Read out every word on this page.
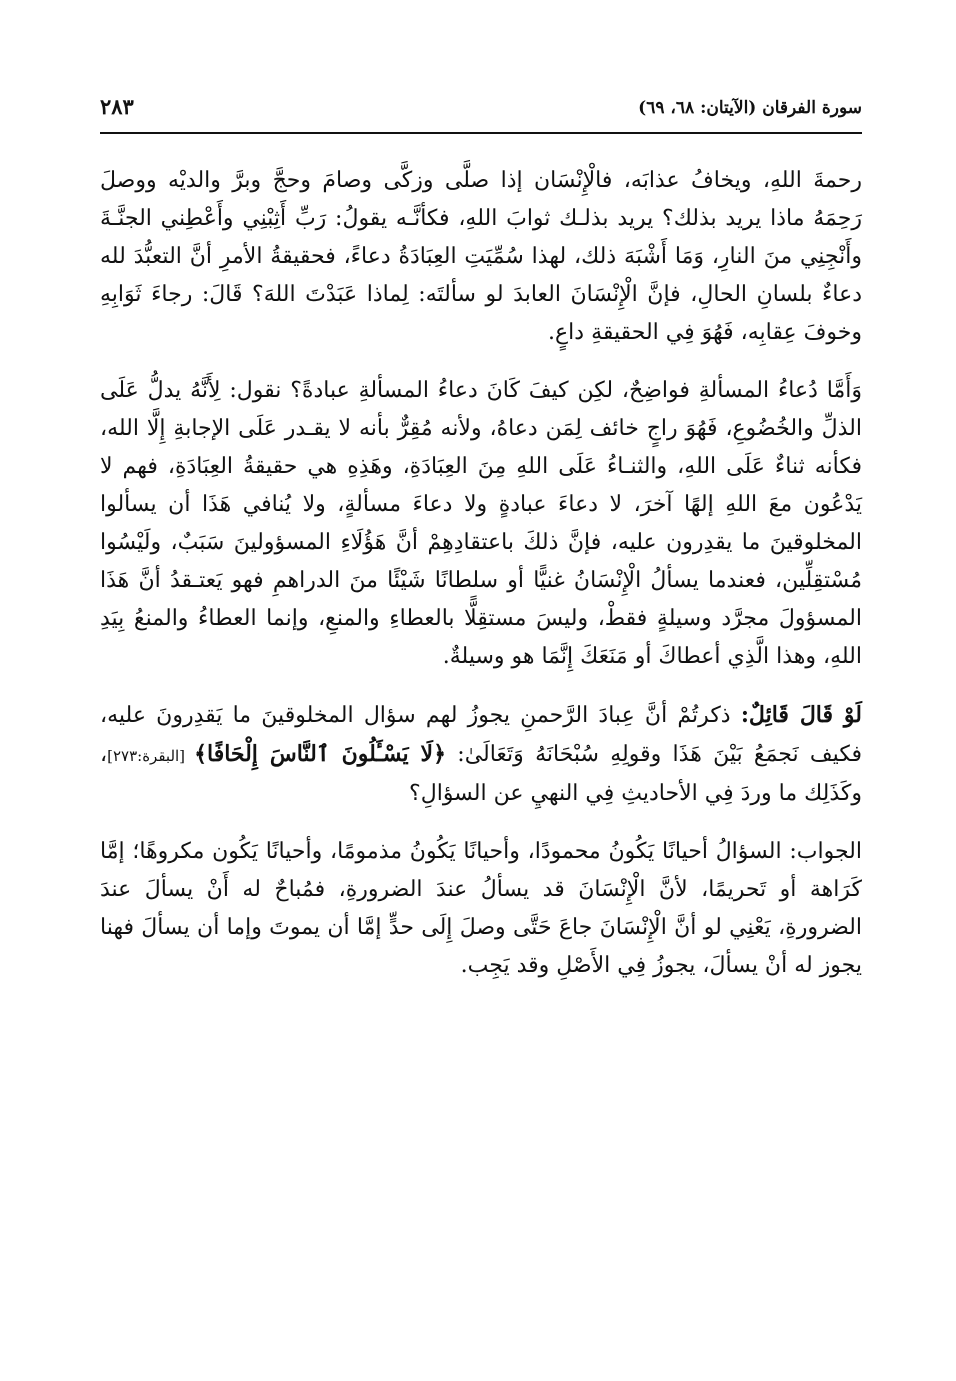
سورة الفرقان (الآيتان: ٦٨، ٦٩)
٢٨٣

رحمةَ اللهِ، ويخافُ عذابَه، فالْإِنْسَان إذا صلَّى وزكَّى وصامَ وحجَّ وبرَّ والديْه ووصلَ رَحِمَهُ ماذا يريد بذلك؟ يريد بذلـك ثوابَ اللهِ، فكأنَّـه يقولُ: رَبِّ أَثِبْنِي وأَعْطِني الجنَّـةَ وأَنْجِنِي منَ النارِ، وَمَا أَشْبَهَ ذلك، لهذا سُمِّيَتِ العِبَادَةُ دعاءً، فحقيقةُ الأمرِ أنَّ التعبُّدَ لله دعاءٌ بلسانِ الحالِ، فإنَّ الْإِنْسَانَ العابدَ لو سألتَه: لِماذا عَبَدْتَ اللهَ؟ قَالَ: رجاءَ ثَوَابِهِ وخوفَ عِقابِه، فَهُوَ فِي الحقيقةِ داعٍ.

وَأَمَّا دُعاءُ المسألةِ فواضِحٌ، لكِن كيفَ كَانَ دعاءُ المسألةِ عبادةً؟ نقول: لِأَنَّهُ يدلُّ عَلَى الذلِّ والخُضُوعِ، فَهُوَ راجٍ خائف لِمَن دعاهُ، ولأنه مُقِرٌّ بأنه لا يقـدر عَلَى الإجابةِ إِلَّا الله، فكأنه ثناءٌ عَلَى اللهِ، والثنـاءُ عَلَى اللهِ مِنَ العِبَادَةِ، وهَذِهِ هي حقيقةُ العِبَادَةِ، فهم لا يَدْعُون معَ اللهِ إلهًا آخرَ، لا دعاءَ عبادةٍ ولا دعاءَ مسألةٍ، ولا يُنافي هَذَا أن يسألوا المخلوقينَ ما يقدِرون عليه، فإنَّ ذلكَ باعتقادِهِمْ أنَّ هَؤُلَاءِ المسؤولينَ سَبَبٌ، ولَيْسُوا مُسْتقِلِّين، فعندما يسألُ الْإِنْسَانُ غنيًّا أو سلطانًا شَيْئًا منَ الدراهمِ فهو يَعتـقدُ أنَّ هَذَا المسؤولَ مجرَّد وسيلةٍ فقطْ، وليسَ مستقِلًّا بالعطاءِ والمنعِ، وإنما العطاءُ والمنعُ بِيَدِ اللهِ، وهذا الَّذِي أعطاكَ أو مَنَعَكَ إِنَّمَا هو وسيلةٌ.

لَوْ قَالَ قَائِلٌ: ذكرتُمْ أنَّ عِبادَ الرَّحمنِ يجوزُ لهم سؤال المخلوقينَ ما يَقدِرونَ عليه، فكيف نَجمَعُ بَيْنَ هَذَا وقولِهِ سُبْحَانَهُ وَتَعَالَىٰ: ﴿لَا يَسْـَٔلُونَ ٱلنَّاسَ إِلْحَافًا﴾ [البقرة:٢٧٣]، وكَذَلِك ما وردَ فِي الأحاديثِ فِي النهيِ عن السؤالِ؟

الجواب: السؤالُ أحيانًا يَكُونُ محمودًا، وأحيانًا يَكُونُ مذمومًا، وأحيانًا يَكُون مكروهًا؛ إمَّا كَرَاهة أو تَحريمًا، لأنَّ الْإِنْسَانَ قد يسألُ عندَ الضرورةِ، فمُباحٌ له أَنْ يسألَ عندَ الضرورةِ، يَعْنِي لو أنَّ الْإِنْسَانَ جاعَ حَتَّى وصلَ إِلَى حدٍّ إمَّا أن يموتَ وإما أن يسألَ فهنا يجوز له أنْ يسألَ، يجوزُ فِي الأَصْلِ وقد يَجِب.
